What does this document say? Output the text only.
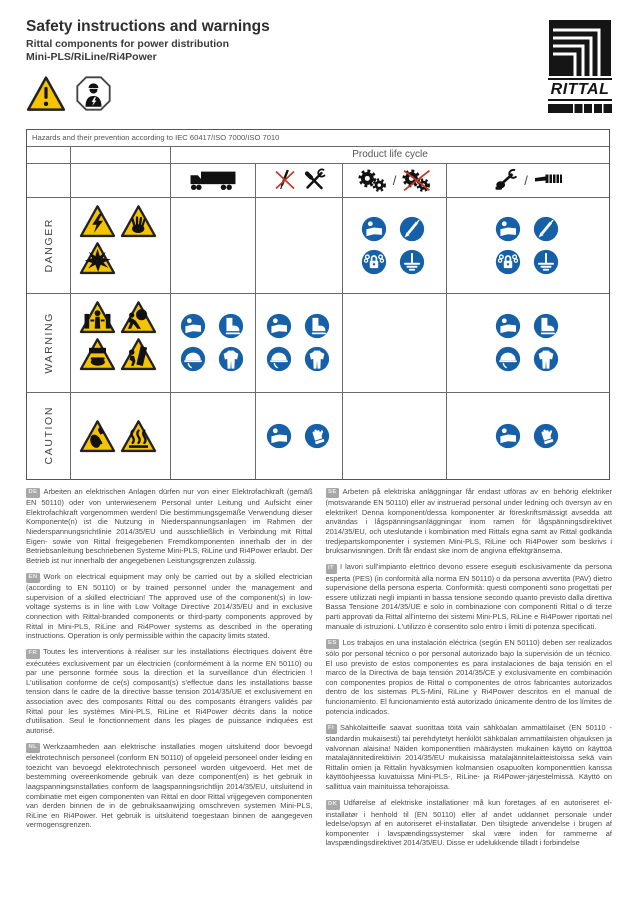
Safety instructions and warnings
Rittal components for power distribution
Mini-PLS/RiLine/Ri4Power
RITTAL
Hazards and their prevention according to IEC 60417/ISO 7000/ISO 7010
Product life cycle
/	/
DANGER
WARNING
CAUTION

DE Arbeiten an elektrischen Anlagen dürfen nur von einer Elektrofachkraft (gemäß EN 50110) oder von unterwiesenem Personal unter Leitung und Aufsicht einer Elektrofachkraft vorgenommen werden! Die bestimmungsgemäße Verwendung dieser Komponente(n) ist die Nutzung in Niederspannungsanlagen im Rahmen der Niederspannungsrichtlinie 2014/35/EU und ausschließlich in Verbindung mit Rittal Eigen- sowie von Rittal freigegebenen Fremdkomponenten innerhalb der in der Betriebsanleitung beschriebenen Systeme Mini-PLS, RiLine und Ri4Power erlaubt. Der Betrieb ist nur innerhalb der angegebenen Leistungsgrenzen zulässig.

EN Work on electrical equipment may only be carried out by a skilled electrician (according to EN 50110) or by trained personnel under the management and supervision of a skilled electrician! The approved use of the component(s) in low-voltage systems is in line with Low Voltage Directive 2014/35/EU and in exclusive connection with Rittal-branded components or third-party components approved by Rittal in Mini-PLS, RiLine and Ri4Power systems as described in the operating instructions. Operation is only permissible within the capacity limits stated.

FR Toutes les interventions à réaliser sur les installations électriques doivent être exécutées exclusivement par un électricien (conformément à la norme EN 50110) ou par une personne formée sous la direction et la surveillance d'un électricien ! L'utilisation conforme de ce(s) composant(s) s'effectue dans les installations basse tension dans le cadre de la directive basse tension 2014/35/UE et exclusivement en association avec des composants Rittal ou des composants étrangers validés par Rittal pour les systèmes Mini-PLS, RiLine et Ri4Power décrits dans la notice d'utilisation. Seul le fonctionnement dans les plages de puissance indiquées est autorisé.

NL Werkzaamheden aan elektrische installaties mogen uitsluitend door bevoegd elektrotechnisch personeel (conform EN 50110) of opgeleid personeel onder leiding en toezicht van bevoegd elektrotechnisch personeel worden uitgevoerd. Het met de bestemming overeenkomende gebruik van deze component(en) is het gebruik in laagspanningsinstallaties conform de laagspanningsrichtlijn 2014/35/EU, uitsluitend in combinatie met eigen componenten van Rittal en door Rittal vrijgegeven componenten van derden binnen de in de gebruiksaanwijzing omschreven systemen Mini-PLS, RiLine en Ri4Power. Het gebruik is uitsluitend toegestaan binnen de aangegeven vermogensgrenzen.

SE Arbeten på elektriska anläggningar får endast utföras av en behörig elektriker (motsvarande EN 50110) eller av instruerad personal under ledning och översyn av en elektriker! Denna komponent/dessa komponenter är föreskriftsmässigt avsedda att användas i lågspänningsanläggningar inom ramen för lågspänningsdirektivet 2014/35/EU, och uteslutande i kombination med Rittals egna samt av Rittal godkända tredjepartskomponenter i systemen Mini-PLS, RiLine och Ri4Power som beskrivs i bruksanvisningen. Drift får endast ske inom de angivna effektgränserna.

IT I lavori sull'impianto elettrico devono essere eseguiti esclusivamente da persona esperta (PES) (in conformità alla norma EN 50110) o da persona avvertita (PAV) dietro supervisione della persona esperta. Conformità: questi componenti sono progettati per essere utilizzati negli impianti in bassa tensione secondo quanto previsto dalla direttiva Bassa Tensione 2014/35/UE e solo in combinazione con componenti Rittal o di terze parti approvati da Rittal all'interno dei sistemi Mini-PLS, RiLine e Ri4Power riportati nel manuale di istruzioni. L'utilizzo è consentito solo entro i limiti di potenza specificati.

ES Los trabajos en una instalación eléctrica (según EN 50110) deben ser realizados sólo por personal técnico o por personal autorizado bajo la supervisión de un técnico. El uso previsto de estos componentes es para instalaciones de baja tensión en el marco de la Directiva de baja tensión 2014/35/CE y exclusivamente en combinación con componentes propios de Rittal o componentes de otros fabricantes autorizados dentro de los sistemas PLS-Mini, RiLine y Ri4Power descritos en el manual de funcionamiento. El funcionamiento está autorizado únicamente dentro de los límites de potencia indicados.

FI Sähkölaitteille saavat suorittaa töitä vain sähköalan ammattilaiset (EN 50110 -standardin mukaisesti) tai perehdytetyt henkilöt sähköalan ammattilaisten ohjauksen ja valvonnan alaisina! Näiden komponenttien määräysten mukainen käyttö on käyttöä matalajännitedirektiivin 2014/35/EU mukaisissa matalajännitelaitteistoissa sekä vain Rittalin omien ja Rittalin hyväksymien kolmansien osapuolten komponenttien kanssa käyttöohjeessa kuvatuissa Mini-PLS-, RiLine- ja Ri4Power-järjestelmissä. Käyttö on sallittua vain mainituissa tehorajoissa.

DK Udførelse af elektriske installationer må kun foretages af en autoriseret el-installatør i henhold til (EN 50110) eller af andet uddannet personale under ledelse/opsyn af en autoriseret el-installatør. Den tilsigtede anvendelse i brugen af komponenter i lavspændingssystemer skal være inden for rammerne af lavspændingsdirektivet 2014/35/EU. Disse er udelukkende tilladt i forbindelse
